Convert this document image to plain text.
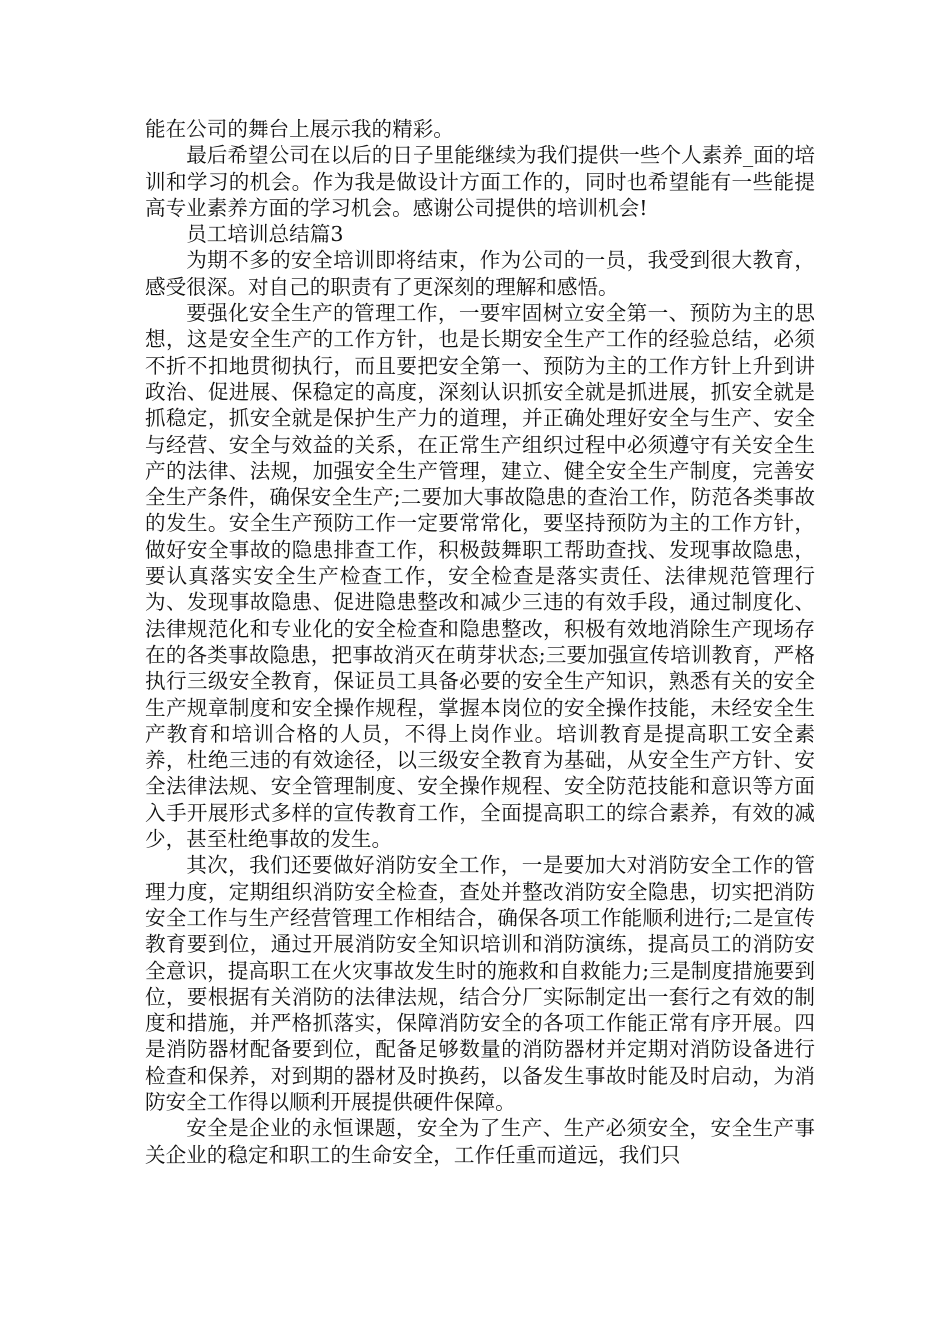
能在公司的舞台上展示我的精彩。

最后希望公司在以后的日子里能继续为我们提供一些个人素养_面的培训和学习的机会。作为我是做设计方面工作的，同时也希望能有一些能提高专业素养方面的学习机会。感谢公司提供的培训机会!

员工培训总结篇3

为期不多的安全培训即将结束，作为公司的一员，我受到很大教育，感受很深。对自己的职责有了更深刻的理解和感悟。

要强化安全生产的管理工作，一要牢固树立安全第一、预防为主的思想，这是安全生产的工作方针，也是长期安全生产工作的经验总结，必须不折不扣地贯彻执行，而且要把安全第一、预防为主的工作方针上升到讲政治、促进展、保稳定的高度，深刻认识抓安全就是抓进展，抓安全就是抓稳定，抓安全就是保护生产力的道理，并正确处理好安全与生产、安全与经营、安全与效益的关系，在正常生产组织过程中必须遵守有关安全生产的法律、法规，加强安全生产管理，建立、健全安全生产制度，完善安全生产条件，确保安全生产;二要加大事故隐患的查治工作，防范各类事故的发生。安全生产预防工作一定要常常化，要坚持预防为主的工作方针，做好安全事故的隐患排查工作，积极鼓舞职工帮助查找、发现事故隐患，要认真落实安全生产检查工作，安全检查是落实责任、法律规范管理行为、发现事故隐患、促进隐患整改和减少三违的有效手段，通过制度化、法律规范化和专业化的安全检查和隐患整改，积极有效地消除生产现场存在的各类事故隐患，把事故消灭在萌芽状态;三要加强宣传培训教育，严格执行三级安全教育，保证员工具备必要的安全生产知识，熟悉有关的安全生产规章制度和安全操作规程，掌握本岗位的安全操作技能，未经安全生产教育和培训合格的人员，不得上岗作业。培训教育是提高职工安全素养，杜绝三违的有效途径，以三级安全教育为基础，从安全生产方针、安全法律法规、安全管理制度、安全操作规程、安全防范技能和意识等方面入手开展形式多样的宣传教育工作，全面提高职工的综合素养，有效的减少，甚至杜绝事故的发生。

其次，我们还要做好消防安全工作，一是要加大对消防安全工作的管理力度，定期组织消防安全检查，查处并整改消防安全隐患，切实把消防安全工作与生产经营管理工作相结合，确保各项工作能顺利进行;二是宣传教育要到位，通过开展消防安全知识培训和消防演练，提高员工的消防安全意识，提高职工在火灾事故发生时的施救和自救能力;三是制度措施要到位，要根据有关消防的法律法规，结合分厂实际制定出一套行之有效的制度和措施，并严格抓落实，保障消防安全的各项工作能正常有序开展。四是消防器材配备要到位，配备足够数量的消防器材并定期对消防设备进行检查和保养，对到期的器材及时换药，以备发生事故时能及时启动，为消防安全工作得以顺利开展提供硬件保障。

安全是企业的永恒课题，安全为了生产、生产必须安全，安全生产事关企业的稳定和职工的生命安全，工作任重而道远，我们只
